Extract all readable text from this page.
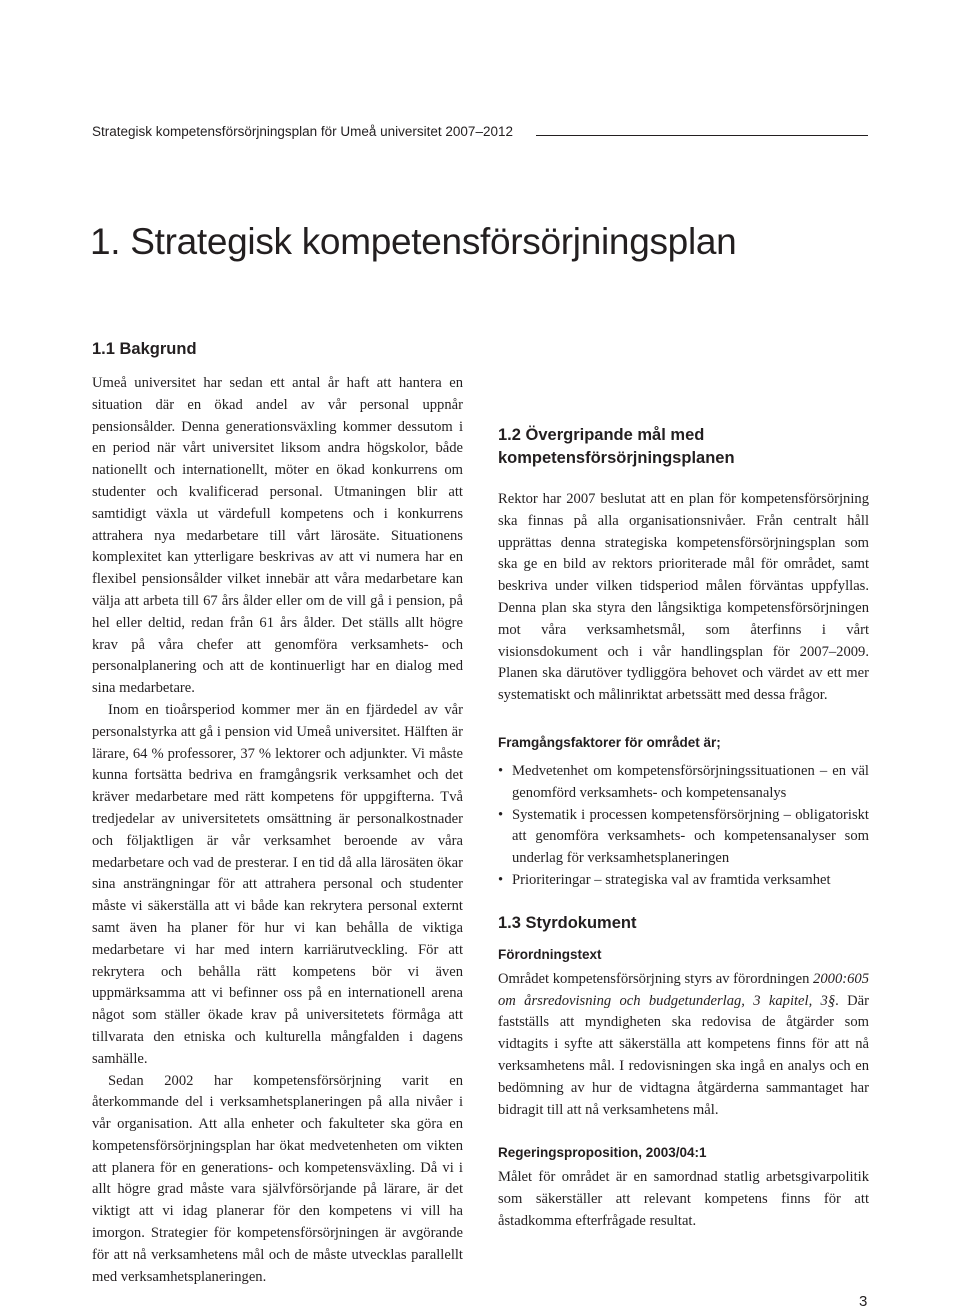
Strategisk kompetensförsörjningsplan för Umeå universitet 2007–2012
1. Strategisk kompetensförsörjningsplan
1.1 Bakgrund

Umeå universitet har sedan ett antal år haft att hantera en situation där en ökad andel av vår personal uppnår pensionsålder. Denna generationsväxling kommer dessutom i en period när vårt universitet liksom andra högskolor, både nationellt och internationellt, möter en ökad konkurrens om studenter och kvalificerad personal. Utmaningen blir att samtidigt växla ut värdefull kompetens och i konkurrens attrahera nya medarbetare till vårt lärosäte. Situationens komplexitet kan ytterligare beskrivas av att vi numera har en flexibel pensionsålder vilket innebär att våra medarbetare kan välja att arbeta till 67 års ålder eller om de vill gå i pension, på hel eller deltid, redan från 61 års ålder. Det ställs allt högre krav på våra chefer att genomföra verksamhets- och personalplanering och att de kontinuerligt har en dialog med sina medarbetare.

Inom en tioårsperiod kommer mer än en fjärdedel av vår personalstyrka att gå i pension vid Umeå universitet. Hälften är lärare, 64 % professorer, 37 % lektorer och adjunkter. Vi måste kunna fortsätta bedriva en framgångsrik verksamhet och det kräver medarbetare med rätt kompetens för uppgifterna. Två tredjedelar av universitetets omsättning är personalkostnader och följaktligen är vår verksamhet beroende av våra medarbetare och vad de presterar. I en tid då alla lärosäten ökar sina ansträngningar för att attrahera personal och studenter måste vi säkerställa att vi både kan rekrytera personal externt samt även ha planer för hur vi kan behålla de viktiga medarbetare vi har med intern karriärutveckling. För att rekrytera och behålla rätt kompetens bör vi även uppmärksamma att vi befinner oss på en internationell arena något som ställer ökade krav på universitetets förmåga att tillvarata den etniska och kulturella mångfalden i dagens samhälle.

Sedan 2002 har kompetensförsörjning varit en återkommande del i verksamhetsplaneringen på alla nivåer i vår organisation. Att alla enheter och fakulteter ska göra en kompetensförsörjningsplan har ökat medvetenheten om vikten att planera för en generations- och kompetensväxling. Då vi i allt högre grad måste vara självförsörjande på lärare, är det viktigt att vi idag planerar för den kompetens vi vill ha imorgon. Strategier för kompetensförsörjningen är avgörande för att nå verksamhetens mål och de måste utvecklas parallellt med verksamhetsplaneringen.

1.2 Övergripande mål med kompetensförsörjningsplanen

Rektor har 2007 beslutat att en plan för kompetensförsörjning ska finnas på alla organisationsnivåer. Från centralt håll upprättas denna strategiska kompetensförsörjningsplan som ska ge en bild av rektors prioriterade mål för området, samt beskriva under vilken tidsperiod målen förväntas uppfyllas. Denna plan ska styra den långsiktiga kompetensförsörjningen mot våra verksamhetsmål, som återfinns i vårt visionsdokument och i vår handlingsplan för 2007–2009. Planen ska därutöver tydliggöra behovet och värdet av ett mer systematiskt och målinriktat arbetssätt med dessa frågor.

Framgångsfaktorer för området är;
• Medvetenhet om kompetensförsörjningssituationen – en väl genomförd verksamhets- och kompetensanalys
• Systematik i processen kompetensförsörjning – obligatoriskt att genomföra verksamhets- och kompetensanalyser som underlag för verksamhetsplaneringen
• Prioriteringar – strategiska val av framtida verksamhet
1.3 Styrdokument
Förordningstext

Området kompetensförsörjning styrs av förordningen 2000:605 om årsredovisning och budgetunderlag, 3 kapitel, 3§. Där fastställs att myndigheten ska redovisa de åtgärder som vidtagits i syfte att säkerställa att kompetens finns för att nå verksamhetens mål. I redovisningen ska ingå en analys och en bedömning av hur de vidtagna åtgärderna sammantaget har bidragit till att nå verksamhetens mål.

Regeringsproposition, 2003/04:1

Målet för området är en samordnad statlig arbetsgivarpolitik som säkerställer att relevant kompetens finns för att åstadkomma efterfrågade resultat.

3
